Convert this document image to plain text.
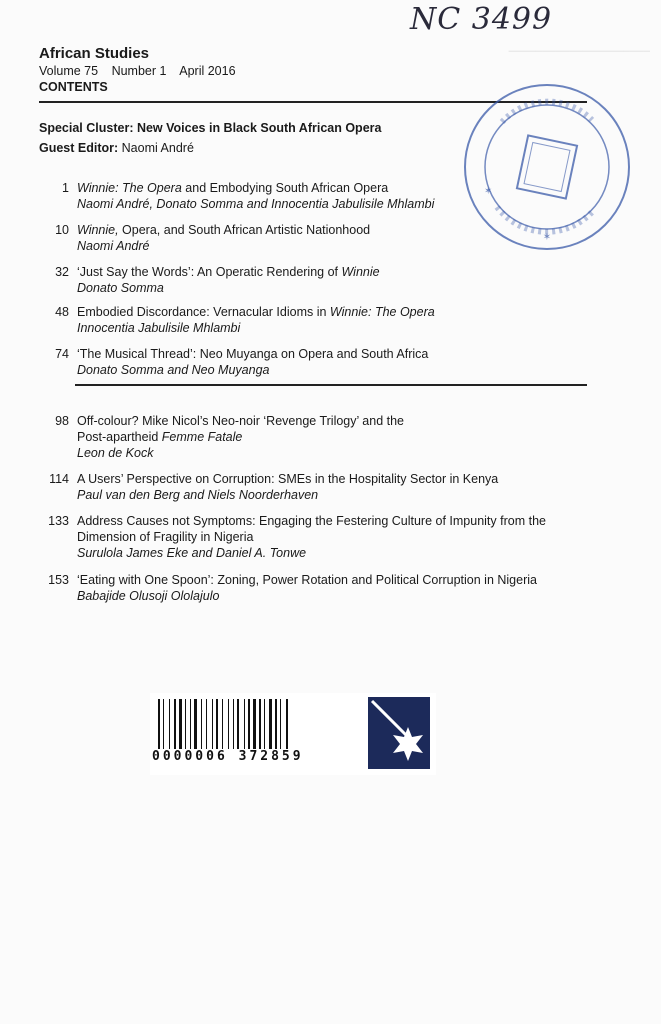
─────────────────────

NC 3499
African Studies
Volume 75 Number 1 April 2016
CONTENTS
Special Cluster: New Voices in Black South African Opera
Guest Editor: Naomi André
1 Winnie: The Opera and Embodying South African Opera
Naomi André, Donato Somma and Innocentia Jabulisile Mhlambi
10 Winnie, Opera, and South African Artistic Nationhood
Naomi André
32 ‘Just Say the Words’: An Operatic Rendering of Winnie
Donato Somma
48 Embodied Discordance: Vernacular Idioms in Winnie: The Opera
Innocentia Jabulisile Mhlambi
74 ‘The Musical Thread’: Neo Muyanga on Opera and South Africa
Donato Somma and Neo Muyanga
98 Off-colour? Mike Nicol’s Neo-noir ‘Revenge Trilogy’ and the
Post-apartheid Femme Fatale
Leon de Kock
114 A Users’ Perspective on Corruption: SMEs in the Hospitality Sector in Kenya
Paul van den Berg and Niels Noorderhaven
133 Address Causes not Symptoms: Engaging the Festering Culture of Impunity from the
Dimension of Fragility in Nigeria
Surulola James Eke and Daniel A. Tonwe
153 ‘Eating with One Spoon’: Zoning, Power Rotation and Political Corruption in Nigeria
Babajide Olusoji Ololajulo
✶
✶
0000006 372859
